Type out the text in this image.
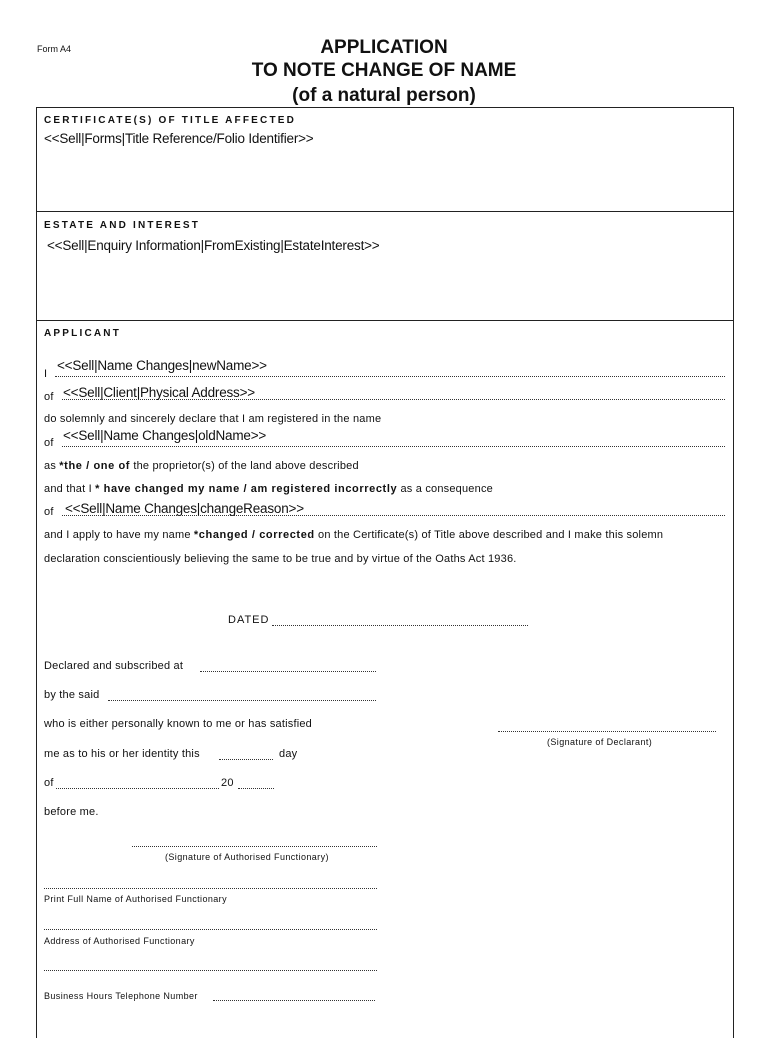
Form A4	APPLICATION
TO NOTE CHANGE OF NAME
(of a natural person)
CERTIFICATE(S) OF TITLE AFFECTED
<<Sell|Forms|Title Reference/Folio Identifier>>
ESTATE AND INTEREST
<<Sell|Enquiry Information|FromExisting|EstateInterest>>
APPLICANT
I
<<Sell|Name Changes|newName>>
of <<Sell|Client|Physical Address>>
do solemnly and sincerely declare that I am registered in the name
of <<Sell|Name Changes|oldName>>
as *the / one of the proprietor(s) of the land above described
and that I * have changed my name / am registered incorrectly as a consequence
of <<Sell|Name Changes|changeReason>>
and I apply to have my name *changed / corrected on the Certificate(s) of Title above described and I make this solemn
declaration conscientiously believing the same to be true and by virtue of the Oaths Act 1936.
DATED
Declared and subscribed at
by the said
who is either personally known to me or has satisfied
(Signature of Declarant)
me as to his or her identity this	day
of	20
before me.
(Signature of Authorised Functionary)
Print Full Name of Authorised Functionary
Address of Authorised Functionary
Business Hours Telephone Number
